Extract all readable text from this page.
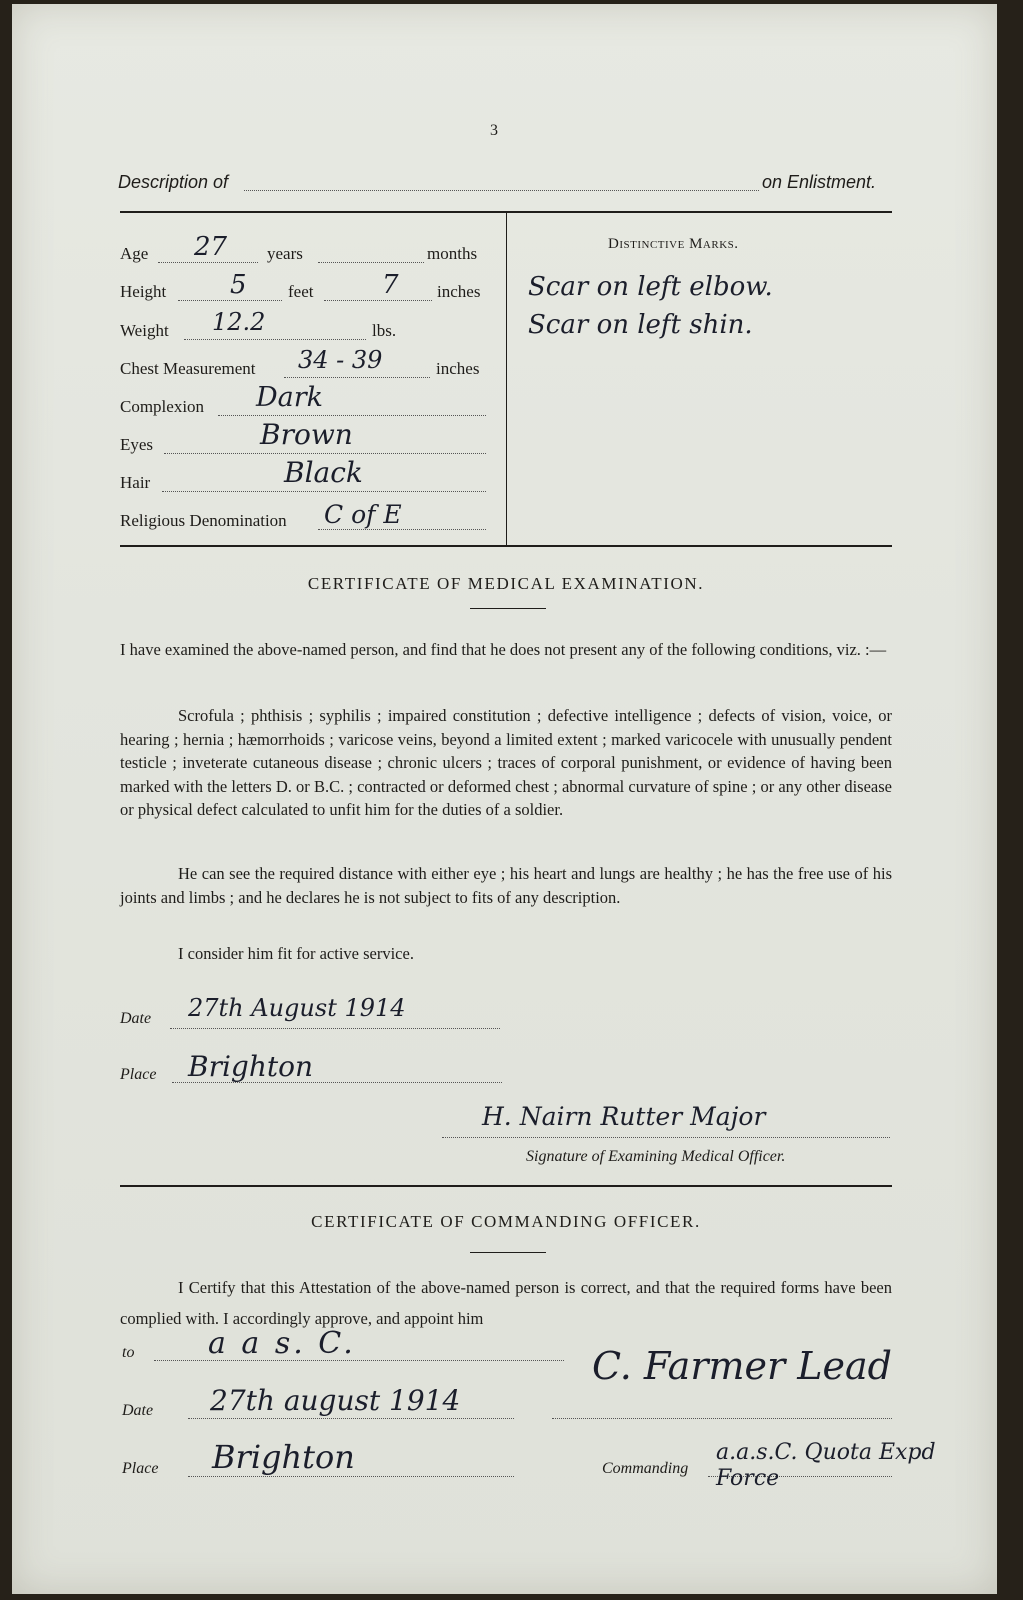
3
Description of	on Enlistment.
Age 27 years	months
Height 5 feet	7 inches
Weight 12.2	lbs.
Chest Measurement 34 - 39	inches
Complexion Dark
Eyes	Brown
Hair	Black
Religious Denomination C of E
Distinctive Marks.
Scar on left elbow.
Scar on left shin.
CERTIFICATE OF MEDICAL EXAMINATION.
I have examined the above-named person, and find that he does not present any of the following conditions, viz. :—
Scrofula ; phthisis ; syphilis ; impaired constitution ; defective intelligence ; defects of vision, voice, or hearing ; hernia ; hæmorrhoids ; varicose veins, beyond a limited extent ; marked varicocele with unusually pendent testicle ; inveterate cutaneous disease ; chronic ulcers ; traces of corporal punishment, or evidence of having been marked with the letters D. or B.C. ; contracted or deformed chest ; abnormal curvature of spine ; or any other disease or physical defect calculated to unfit him for the duties of a soldier.
He can see the required distance with either eye ; his heart and lungs are healthy ; he has the free use of his joints and limbs ; and he declares he is not subject to fits of any description.
I consider him fit for active service.
Date 27th August 1914
Place Brighton
H. Nairn Rutter Major
Signature of Examining Medical Officer.
CERTIFICATE OF COMMANDING OFFICER.
I Certify that this Attestation of the above-named person is correct, and that the required forms have been complied with. I accordingly approve, and appoint him
to a a s. C.
C. Farmer Lead
Date 27th august 1914
Place Brighton	Commanding
a.a.s.C. Quota Expd Force
